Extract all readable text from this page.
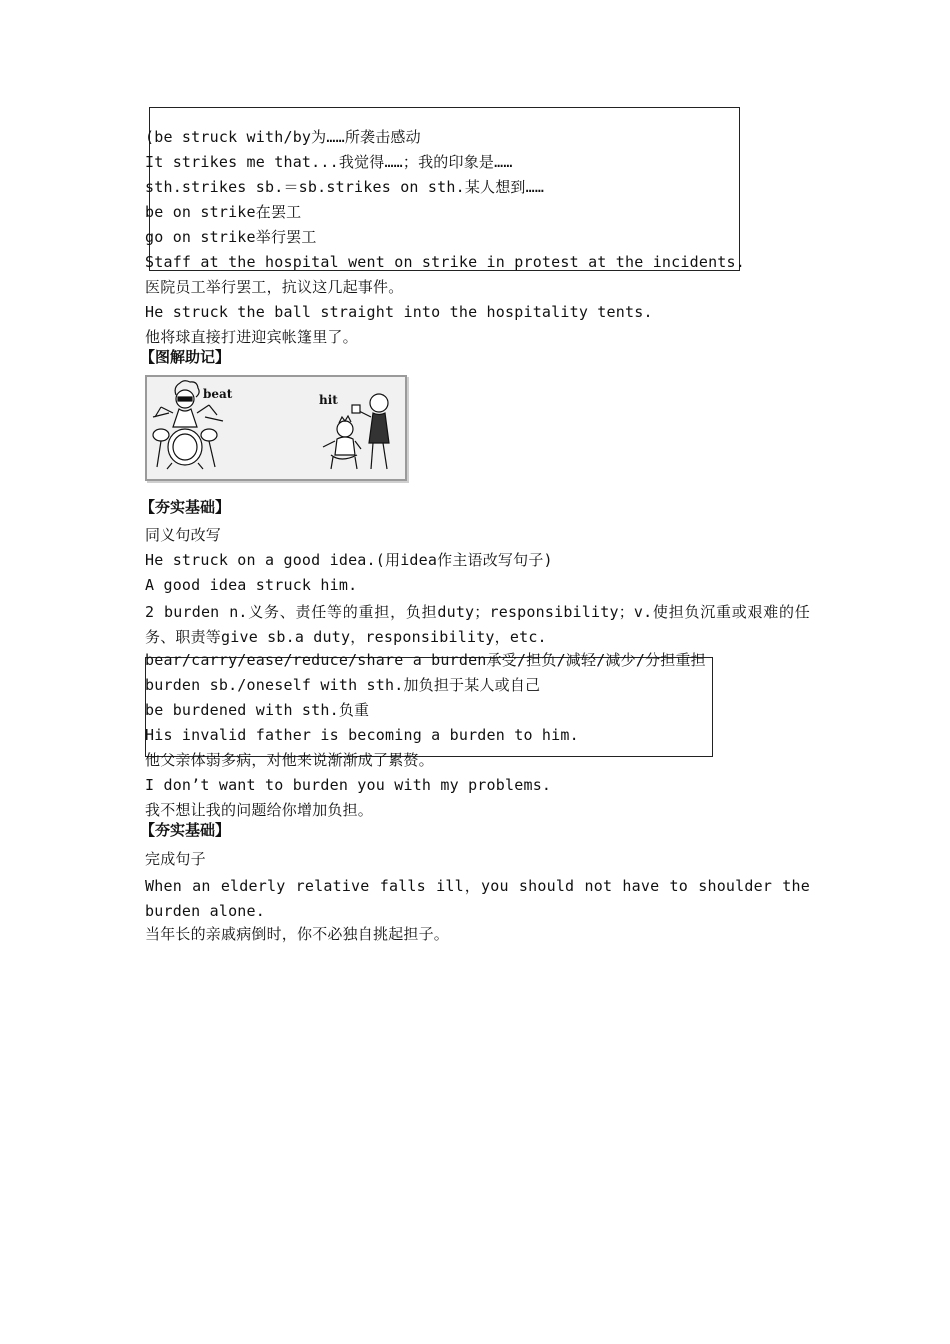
(be struck with/by为……所袭击感动
It strikes me that...我觉得……；我的印象是……
sth.strikes sb.＝sb.strikes on sth.某人想到……
be on strike在罢工
go on strike举行罢工
Staff at the hospital went on strike in protest at the incidents.
医院员工举行罢工，抗议这几起事件。
He struck the ball straight into the hospitality tents.
他将球直接打进迎宾帐篷里了。
【图解助记】
beat	hit
【夯实基础】
同义句改写
He struck on a good idea.(用idea作主语改写句子)
A good idea struck him.
2 burden n.义务、责任等的重担，负担duty；responsibility；v.使担负沉重或艰难的任务、职责等give sb.a duty，responsibility，etc.
bear/carry/ease/reduce/share a burden承受/担负/减轻/减少/分担重担
burden sb./oneself with sth.加负担于某人或自己
be burdened with sth.负重
His invalid father is becoming a burden to him.
他父亲体弱多病，对他来说渐渐成了累赘。
I don’t want to burden you with my problems.
我不想让我的问题给你增加负担。
【夯实基础】
完成句子
When an elderly relative falls ill，you should not have to shoulder the burden alone.
当年长的亲戚病倒时，你不必独自挑起担子。
